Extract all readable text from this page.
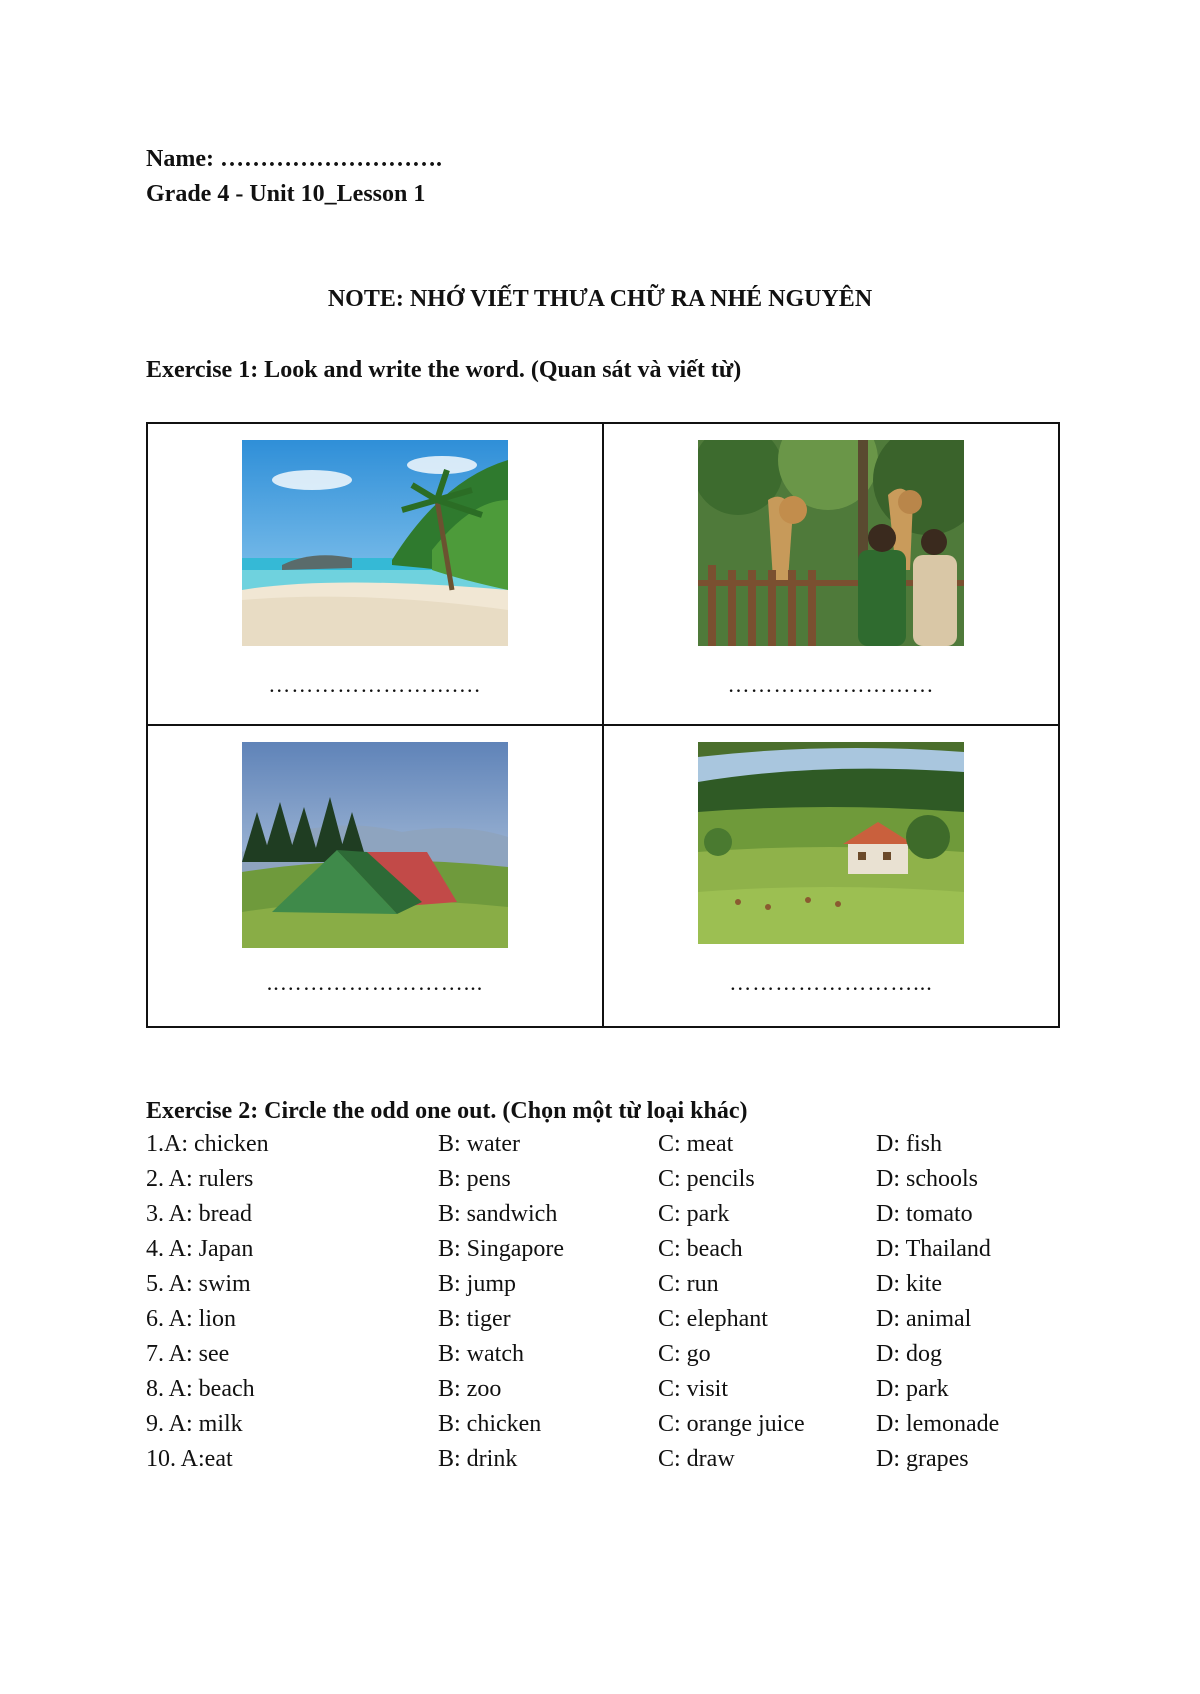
Name: ……………………….
Grade 4 - Unit 10_Lesson 1
NOTE: NHỚ VIẾT THƯA CHỮ RA NHÉ NGUYÊN
Exercise 1: Look and write the word. (Quan sát và viết từ)
…………………….…	………………………

..……………………...	……………………...
Exercise 2: Circle the odd one out. (Chọn một từ loại khác)
1.A: chicken	B: water	C: meat	D: fish
2. A: rulers	B: pens	C: pencils	D: schools
3. A: bread	B: sandwich	C: park	D: tomato
4. A: Japan	B: Singapore	C: beach	D: Thailand
5. A: swim	B: jump	C: run	D: kite
6. A: lion	B: tiger	C: elephant	D: animal
7. A: see	B: watch	C: go	D: dog
8. A: beach	B: zoo	C: visit	D: park
9. A: milk	B: chicken	C: orange juice	D: lemonade
10. A:eat	B: drink	C: draw	D: grapes
